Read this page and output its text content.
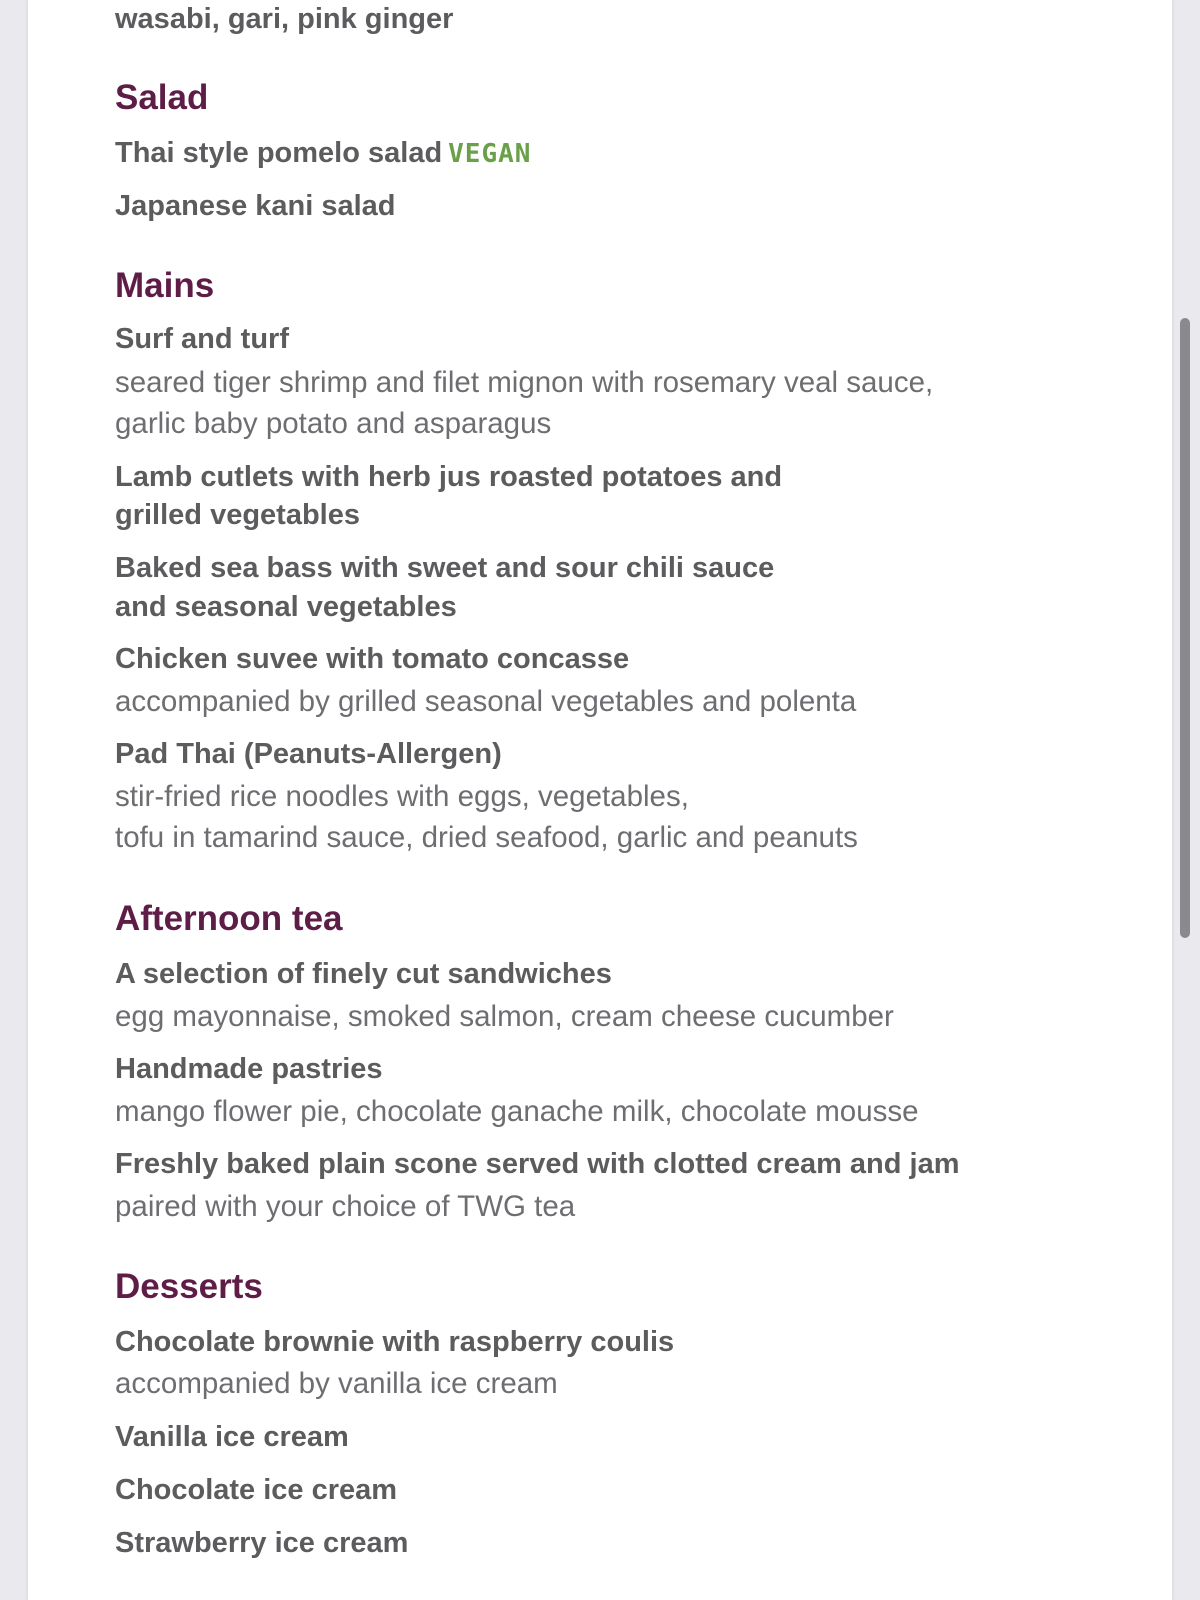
wasabi, gari, pink ginger

Salad

Thai style pomelo salad VEGAN

Japanese kani salad

Mains

Surf and turf

seared tiger shrimp and filet mignon with rosemary veal sauce,

garlic baby potato and asparagus

Lamb cutlets with herb jus roasted potatoes and

grilled vegetables

Baked sea bass with sweet and sour chili sauce

and seasonal vegetables

Chicken suvee with tomato concasse

accompanied by grilled seasonal vegetables and polenta

Pad Thai (Peanuts-Allergen)

stir-fried rice noodles with eggs, vegetables,

tofu in tamarind sauce, dried seafood, garlic and peanuts

Afternoon tea

A selection of finely cut sandwiches

egg mayonnaise, smoked salmon, cream cheese cucumber

Handmade pastries

mango flower pie, chocolate ganache milk, chocolate mousse

Freshly baked plain scone served with clotted cream and jam

paired with your choice of TWG tea

Desserts

Chocolate brownie with raspberry coulis

accompanied by vanilla ice cream

Vanilla ice cream

Chocolate ice cream

Strawberry ice cream
